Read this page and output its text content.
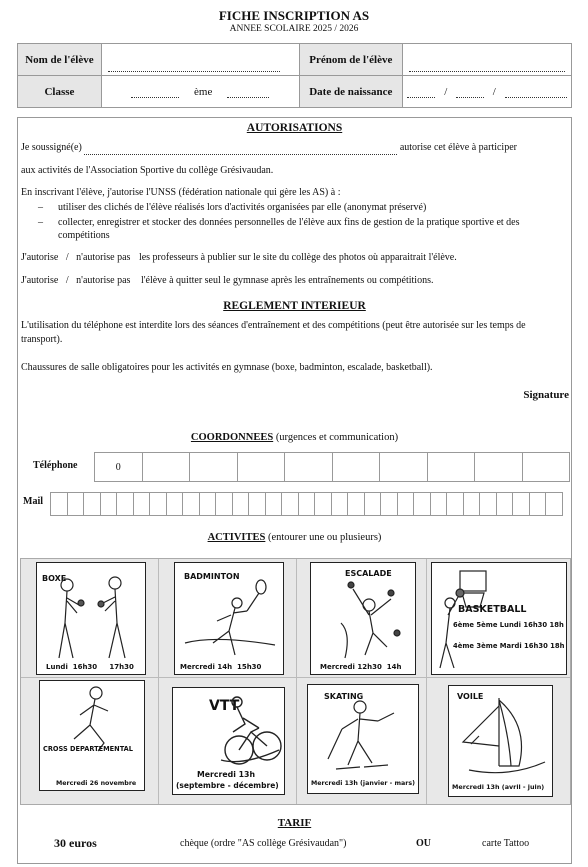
FICHE INSCRIPTION AS
ANNEE SCOLAIRE 2025 / 2026
Nom de l'élève		Prénom de l'élève	
Classe	ème	Date de naissance	/ /
AUTORISATIONS
Je soussigné(e)	autorise cet élève à participer
aux activités de l'Association Sportive du collège Grésivaudan.
En inscrivant l'élève, j'autorise l'UNSS (fédération nationale qui gère les AS) à :
– utiliser des clichés de l'élève réalisés lors d'activités organisées par elle (anonymat préservé)
– collecter, enregistrer et stocker des données personnelles de l'élève aux fins de gestion de la pratique sportive et des compétitions
J'autorise / n'autorise pas les professeurs à publier sur le site du collège des photos où apparaitrait l'élève.
J'autorise / n'autorise pas l'élève à quitter seul le gymnase après les entraînements ou compétitions.
REGLEMENT INTERIEUR
L'utilisation du téléphone est interdite lors des séances d'entraînement et des compétitions (peut être autorisée sur les temps de transport).
Chaussures de salle obligatoires pour les activités en gymnase (boxe, badminton, escalade, basketball).
Signature
COORDONNEES (urgences et communication)
Téléphone	0
Mail
ACTIVITES (entourer une ou plusieurs)
BOXE
Lundi  16h30     17h30
BADMINTON
Mercredi 14h  15h30
ESCALADE
Mercredi 12h30  14h
BASKETBALL
6ème 5ème Lundi 16h30 18h
4ème 3ème Mardi 16h30 18h
CROSS DEPARTEMENTAL
Mercredi 26 novembre
VTT
Mercredi 13h
(septembre - décembre)
SKATING
Mercredi 13h (janvier - mars)
VOILE
Mercredi 13h (avril - juin)
TARIF
30 euros	chèque (ordre "AS collège Grésivaudan")	OU	carte Tattoo
